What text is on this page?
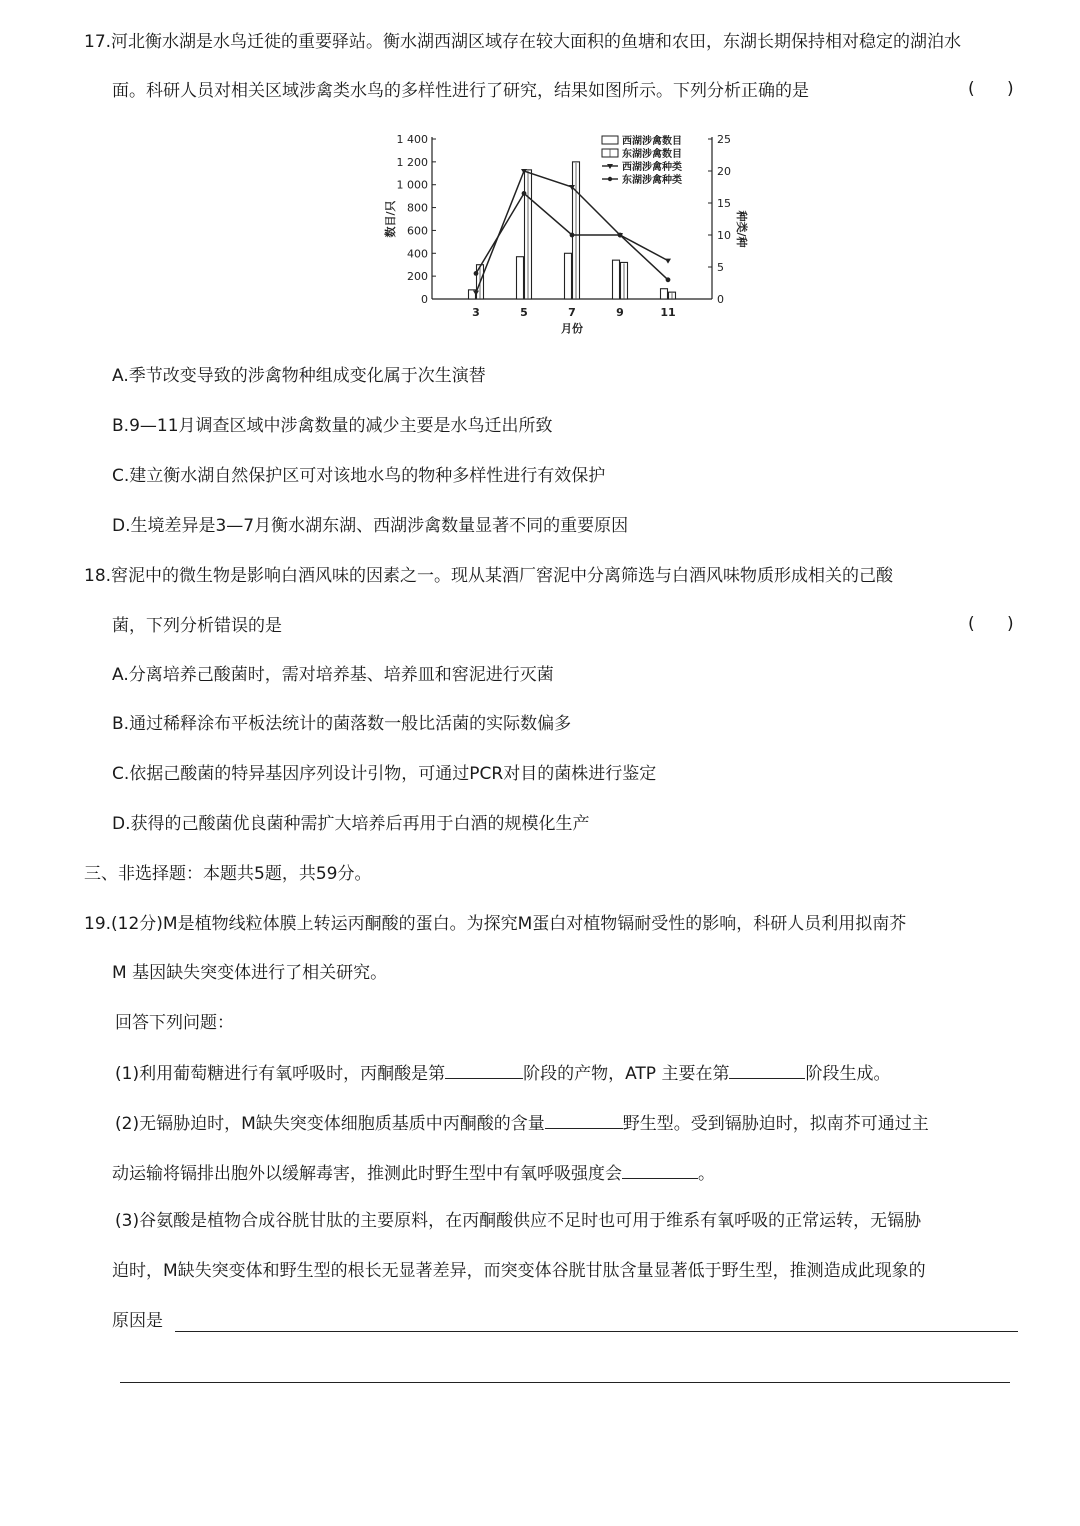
17.河北衡水湖是水鸟迁徙的重要驿站。衡水湖西湖区域存在较大面积的鱼塘和农田，东湖长期保持相对稳定的湖泊水
面。科研人员对相关区域涉禽类水鸟的多样性进行了研究，结果如图所示。下列分析正确的是	(      )
0
200
400
600
800
1 000
1 200
1 400
0
5
10
15
20
25
3	5	7	9	11
月份
数目/只	种类/种
西湖涉禽数目
东湖涉禽数目
西湖涉禽种类
东湖涉禽种类
A.季节改变导致的涉禽物种组成变化属于次生演替
B.9—11月调查区域中涉禽数量的减少主要是水鸟迁出所致
C.建立衡水湖自然保护区可对该地水鸟的物种多样性进行有效保护
D.生境差异是3—7月衡水湖东湖、西湖涉禽数量显著不同的重要原因
18.窖泥中的微生物是影响白酒风味的因素之一。现从某酒厂窖泥中分离筛选与白酒风味物质形成相关的己酸
菌，下列分析错误的是	(      )
A.分离培养己酸菌时，需对培养基、培养皿和窖泥进行灭菌
B.通过稀释涂布平板法统计的菌落数一般比活菌的实际数偏多
C.依据己酸菌的特异基因序列设计引物，可通过PCR对目的菌株进行鉴定
D.获得的己酸菌优良菌种需扩大培养后再用于白酒的规模化生产
三、非选择题：本题共5题，共59分。
19.(12分)M是植物线粒体膜上转运丙酮酸的蛋白。为探究M蛋白对植物镉耐受性的影响，科研人员利用拟南芥
M 基因缺失突变体进行了相关研究。
回答下列问题：
(1)利用葡萄糖进行有氧呼吸时，丙酮酸是第	阶段的产物，ATP 主要在第	阶段生成。
(2)无镉胁迫时，M缺失突变体细胞质基质中丙酮酸的含量	野生型。受到镉胁迫时，拟南芥可通过主
动运输将镉排出胞外以缓解毒害，推测此时野生型中有氧呼吸强度会	。
(3)谷氨酸是植物合成谷胱甘肽的主要原料，在丙酮酸供应不足时也可用于维系有氧呼吸的正常运转，无镉胁
迫时，M缺失突变体和野生型的根长无显著差异，而突变体谷胱甘肽含量显著低于野生型，推测造成此现象的
原因是
